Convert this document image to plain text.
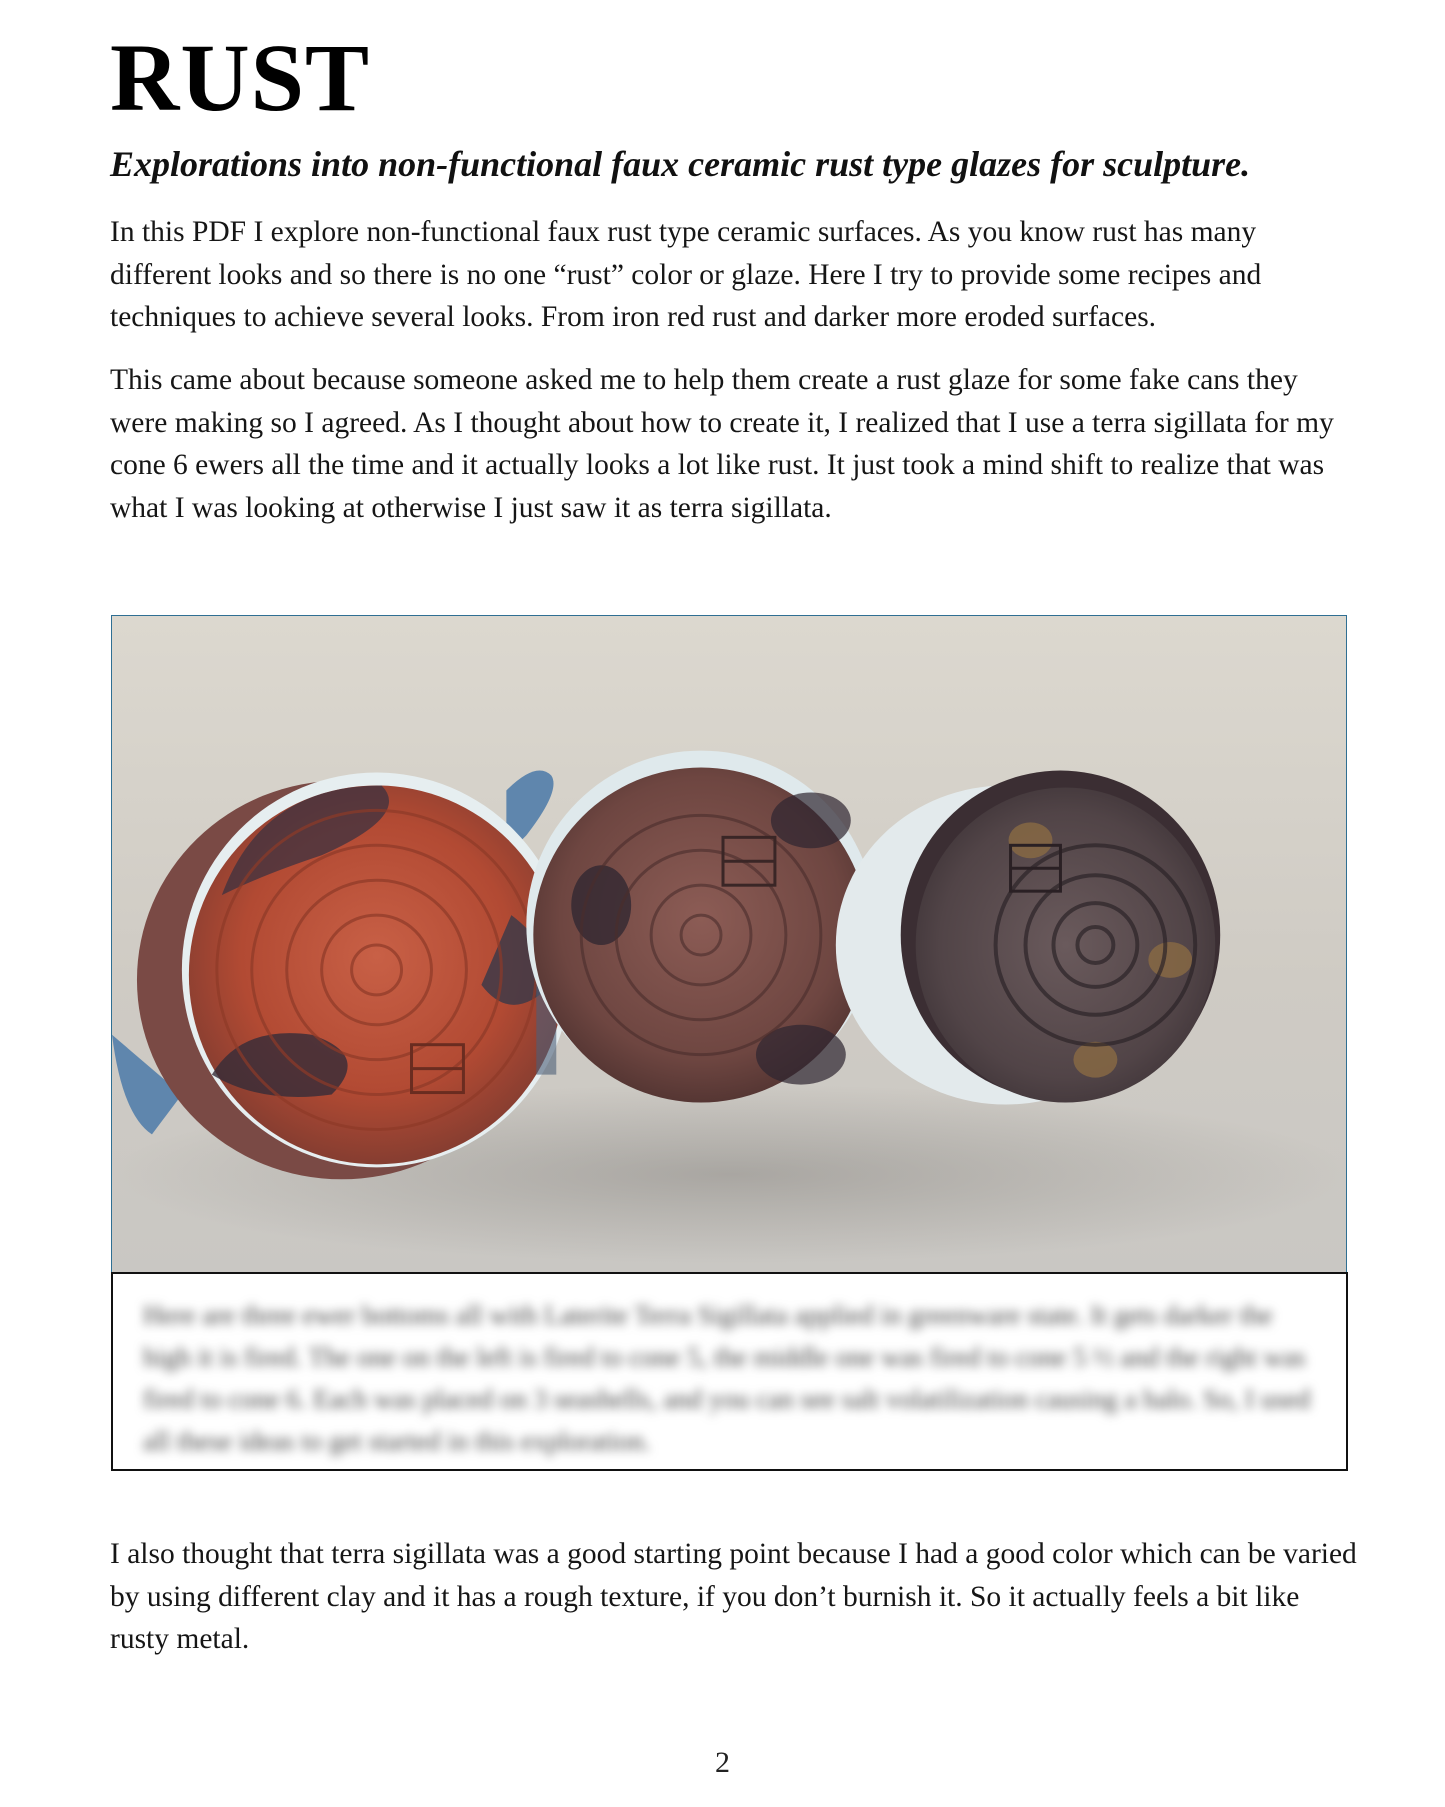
RUST
Explorations into non-functional faux ceramic rust type glazes for sculpture.

In this PDF I explore non-functional faux rust type ceramic surfaces. As you know rust has many different looks and so there is no one “rust” color or glaze. Here I try to provide some recipes and techniques to achieve several looks. From iron red rust and darker more eroded surfaces.

This came about because someone asked me to help them create a rust glaze for some fake cans they were making so I agreed. As I thought about how to create it, I realized that I use a terra sigillata for my cone 6 ewers all the time and it actually looks a lot like rust. It just took a mind shift to realize that was what I was looking at otherwise I just saw it as terra sigillata.

Here are three ewer bottoms all with Laterite Terra Sigillata applied in greenware state. It gets darker the high it is fired. The one on the left is fired to cone 5, the middle one was fired to cone 5 ½ and the right was fired to cone 6. Each was placed on 3 seashells, and you can see salt volatilization causing a halo. So, I used all these ideas to get started in this exploration.

I also thought that terra sigillata was a good starting point because I had a good color which can be varied by using different clay and it has a rough texture, if you don’t burnish it. So it actually feels a bit like rusty metal.

2
